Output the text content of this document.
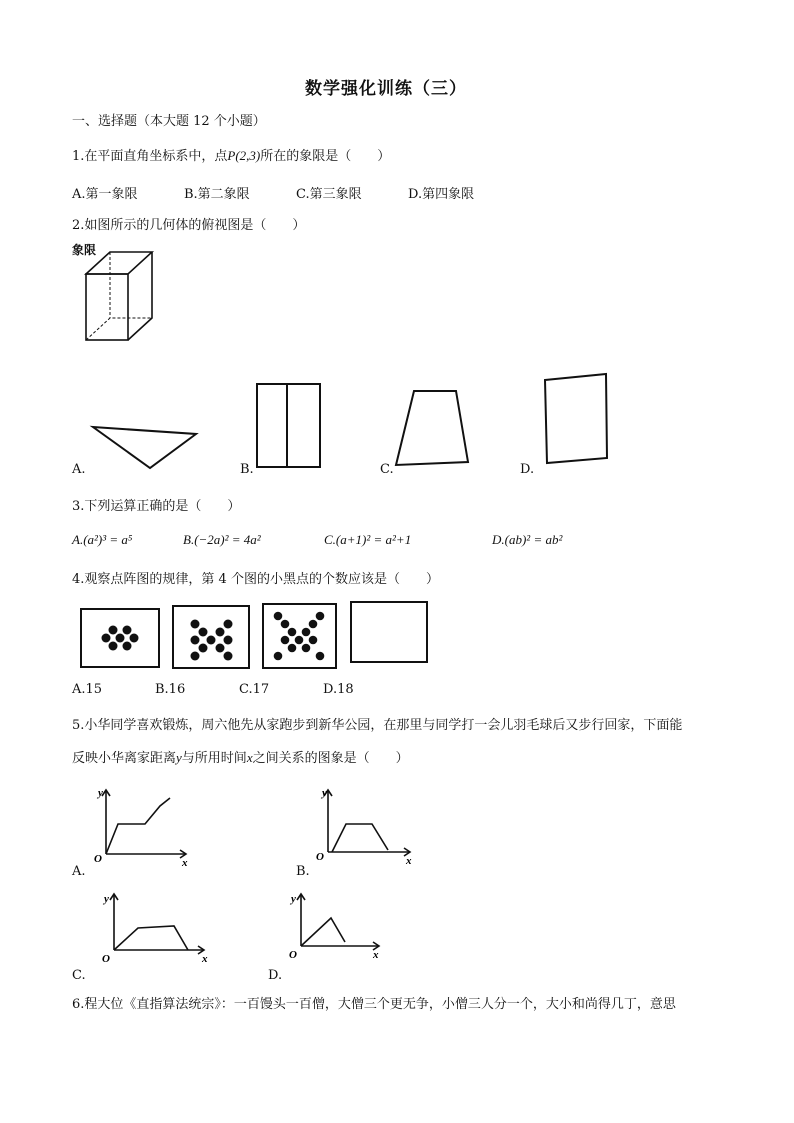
数学强化训练（三）
一、选择题（本大题 12 个小题）
1.在平面直角坐标系中，点P(2,3)所在的象限是（　　）
A.第一象限	B.第二象限	C.第三象限	D.第四象限
2.如图所示的几何体的俯视图是（　　）
象限
A.	B.	C.	D.
3.下列运算正确的是（　　）
A.(a²)³ = a⁵	B.(−2a)² = 4a²	C.(a+1)² = a²+1	D.(ab)² = ab²
4.观察点阵图的规律，第 4 个图的小黑点的个数应该是（　　）
A.15	B.16	C.17	D.18
5.小华同学喜欢锻炼，周六他先从家跑步到新华公园，在那里与同学打一会儿羽毛球后又步行回家，下面能
反映小华离家距离y与所用时间x之间关系的图象是（　　）
y
x
O
A.
y
x
O
B.
y
x
O
C.
y
x
O
D.
6.程大位《直指算法统宗》：一百馒头一百僧，大僧三个更无争，小僧三人分一个，大小和尚得几丁，意思
